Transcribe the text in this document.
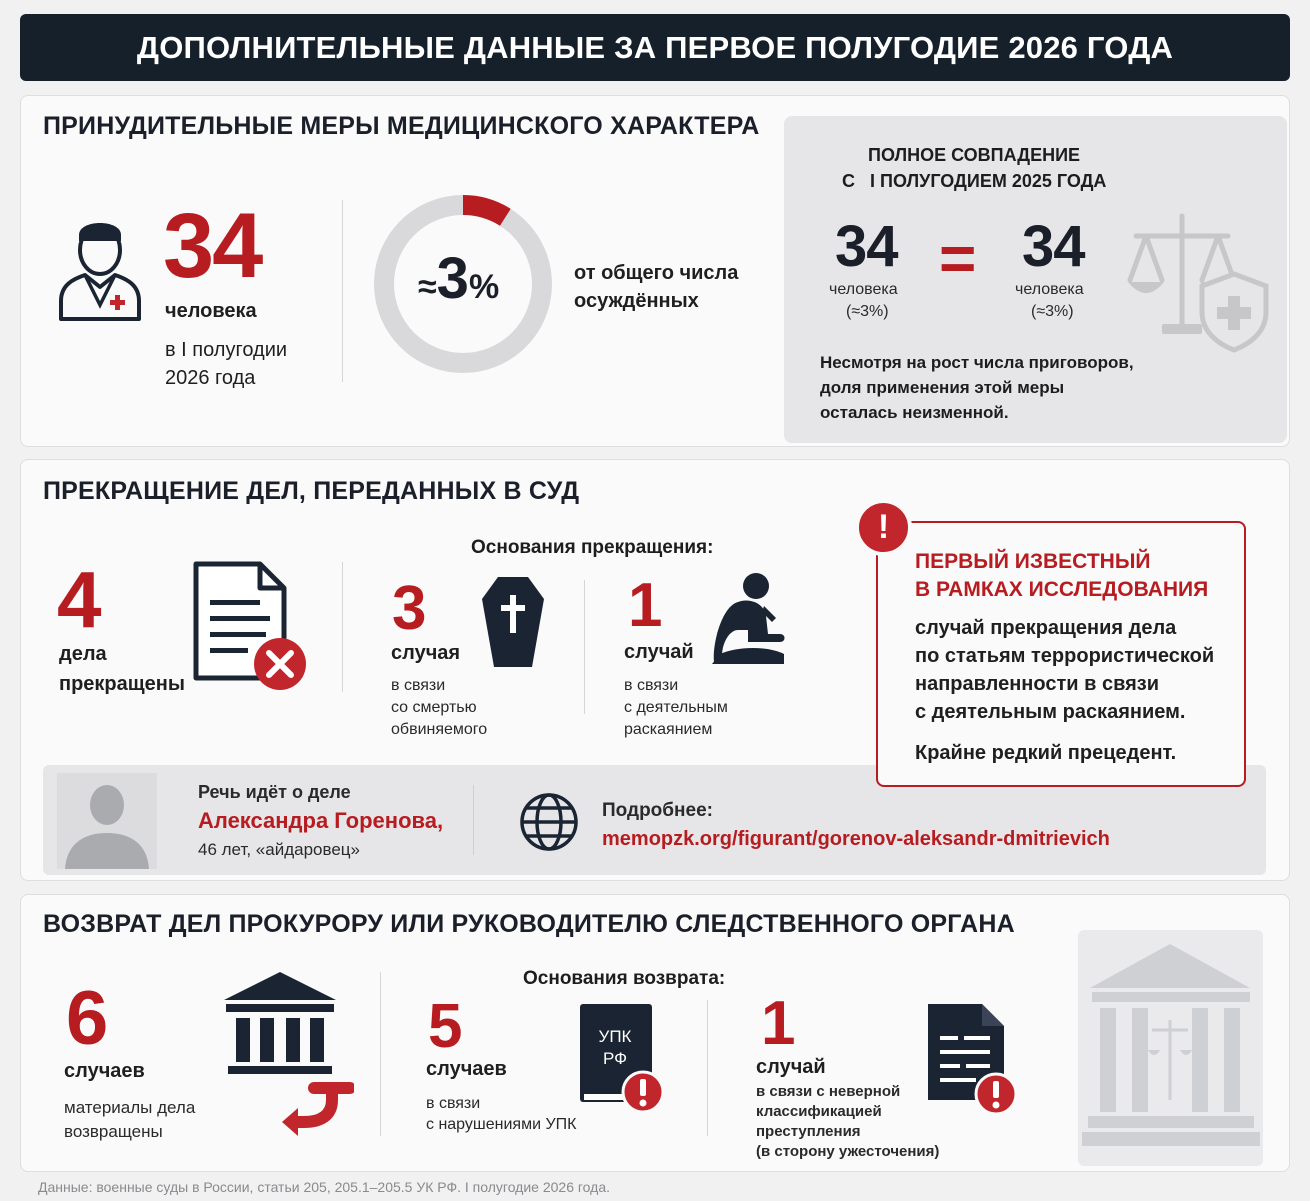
ДОПОЛНИТЕЛЬНЫЕ ДАННЫЕ ЗА ПЕРВОЕ ПОЛУГОДИЕ 2026 ГОДА
ПРИНУДИТЕЛЬНЫЕ МЕРЫ МЕДИЦИНСКОГО ХАРАКТЕРА
34
человека
в I полугодии
2026 года
≈ 3 %	от общего числа
осуждённых
ПОЛНОЕ СОВПАДЕНИЕ
С   I ПОЛУГОДИЕМ 2025 ГОДА
34
человека
(≈3%)
= 34
человека
(≈3%)
Несмотря на рост числа приговоров,
доля применения этой меры
осталась неизменной.
ПРЕКРАЩЕНИЕ ДЕЛ, ПЕРЕДАННЫХ В СУД
4
дела
прекращены
Основания прекращения:
3
случая
в связи
со смертью
обвиняемого
1
случай
в связи
с деятельным
раскаянием
!
ПЕРВЫЙ ИЗВЕСТНЫЙ
В РАМКАХ ИССЛЕДОВАНИЯ
случай прекращения дела
по статьям террористической
направленности в связи
с деятельным раскаянием.
Крайне редкий прецедент.
Речь идёт о деле
Александра Горенова,
46 лет, «айдаровец»
Подробнее:
memopzk.org/figurant/gorenov-aleksandr-dmitrievich
ВОЗВРАТ ДЕЛ ПРОКУРОРУ ИЛИ РУКОВОДИТЕЛЮ СЛЕДСТВЕННОГО ОРГАНА
6
случаев
материалы дела
возвращены
Основания возврата:
5
случаев
в связи
с нарушениями УПК
УПК
РФ
1
случай
в связи с неверной
классификацией
преступления
(в сторону ужесточения)
Данные: военные суды в России, статьи 205, 205.1–205.5 УК РФ. I полугодие 2026 года.
